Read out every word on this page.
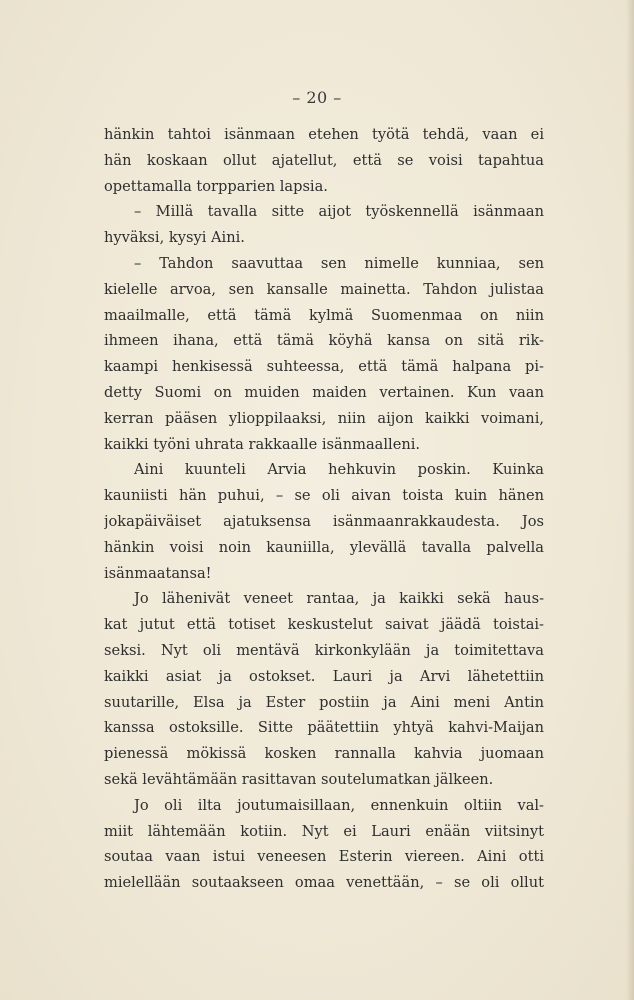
– 20 –
hänkin tahtoi isänmaan etehen työtä tehdä, vaan ei
hän koskaan ollut ajatellut, että se voisi tapahtua
opettamalla torpparien lapsia.
– Millä tavalla sitte aijot työskennellä isänmaan
hyväksi, kysyi Aini.
– Tahdon saavuttaa sen nimelle kunniaa, sen
kielelle arvoa, sen kansalle mainetta. Tahdon julistaa
maailmalle, että tämä kylmä Suomenmaa on niin
ihmeen ihana, että tämä köyhä kansa on sitä rik-
kaampi henkisessä suhteessa, että tämä halpana pi-
detty Suomi on muiden maiden vertainen. Kun vaan
kerran pääsen ylioppilaaksi, niin aijon kaikki voimani,
kaikki työni uhrata rakkaalle isänmaalleni.
Aini kuunteli Arvia hehkuvin poskin. Kuinka
kauniisti hän puhui, – se oli aivan toista kuin hänen
jokapäiväiset ajatuksensa isänmaanrakkaudesta. Jos
hänkin voisi noin kauniilla, ylevällä tavalla palvella
isänmaatansa!
Jo lähenivät veneet rantaa, ja kaikki sekä haus-
kat jutut että totiset keskustelut saivat jäädä toistai-
seksi. Nyt oli mentävä kirkonkylään ja toimitettava
kaikki asiat ja ostokset. Lauri ja Arvi lähetettiin
suutarille, Elsa ja Ester postiin ja Aini meni Antin
kanssa ostoksille. Sitte päätettiin yhtyä kahvi-Maijan
pienessä mökissä kosken rannalla kahvia juomaan
sekä levähtämään rasittavan soutelumatkan jälkeen.
Jo oli ilta joutumaisillaan, ennenkuin oltiin val-
miit lähtemään kotiin. Nyt ei Lauri enään viitsinyt
soutaa vaan istui veneesen Esterin viereen. Aini otti
mielellään soutaakseen omaa venettään, – se oli ollut
